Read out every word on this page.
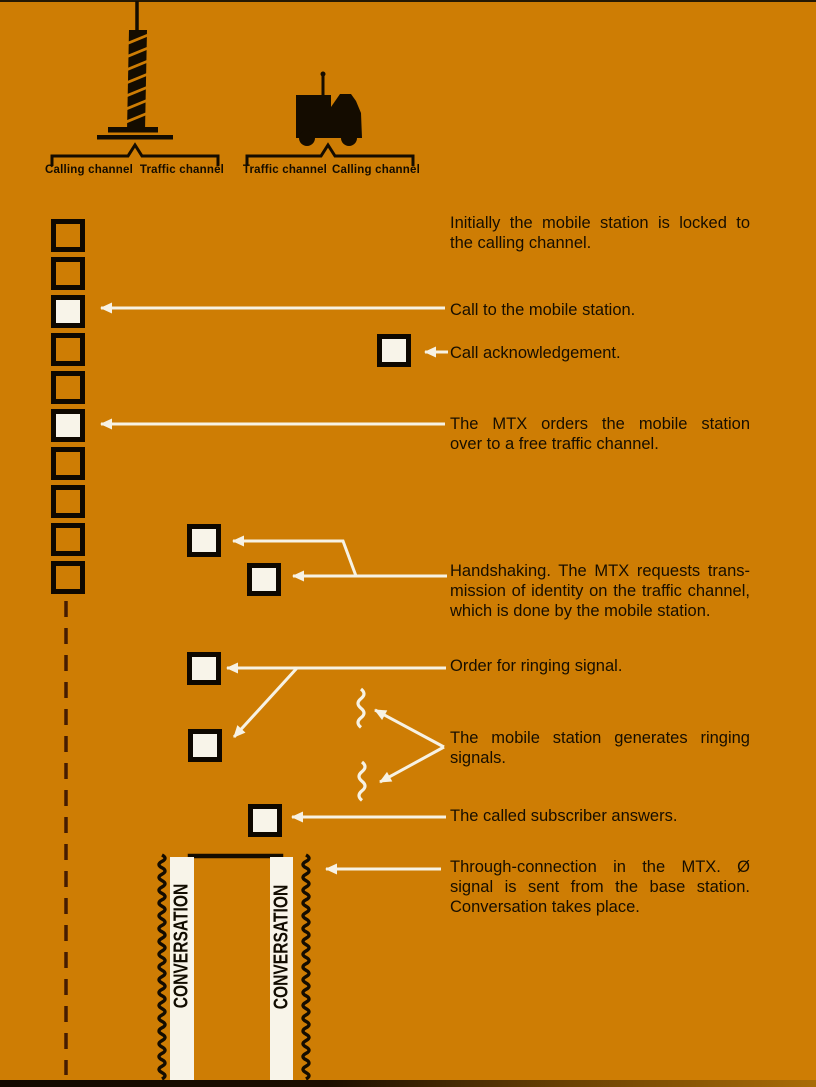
Calling channel Traffic channel Traffic channel Calling channel
Initially the mobile station is locked to
the calling channel.
Call to the mobile station.
Call acknowledgement.
The MTX orders the mobile station
over to a free traffic channel.
Handshaking. The MTX requests trans-
mission of identity on the traffic channel,
which is done by the mobile station.
Order for ringing signal.
The mobile station generates ringing
signals.
The called subscriber answers.
Through-connection in the MTX. Ø
signal is sent from the base station.
Conversation takes place.
CONVERSATION	CONVERSATION
